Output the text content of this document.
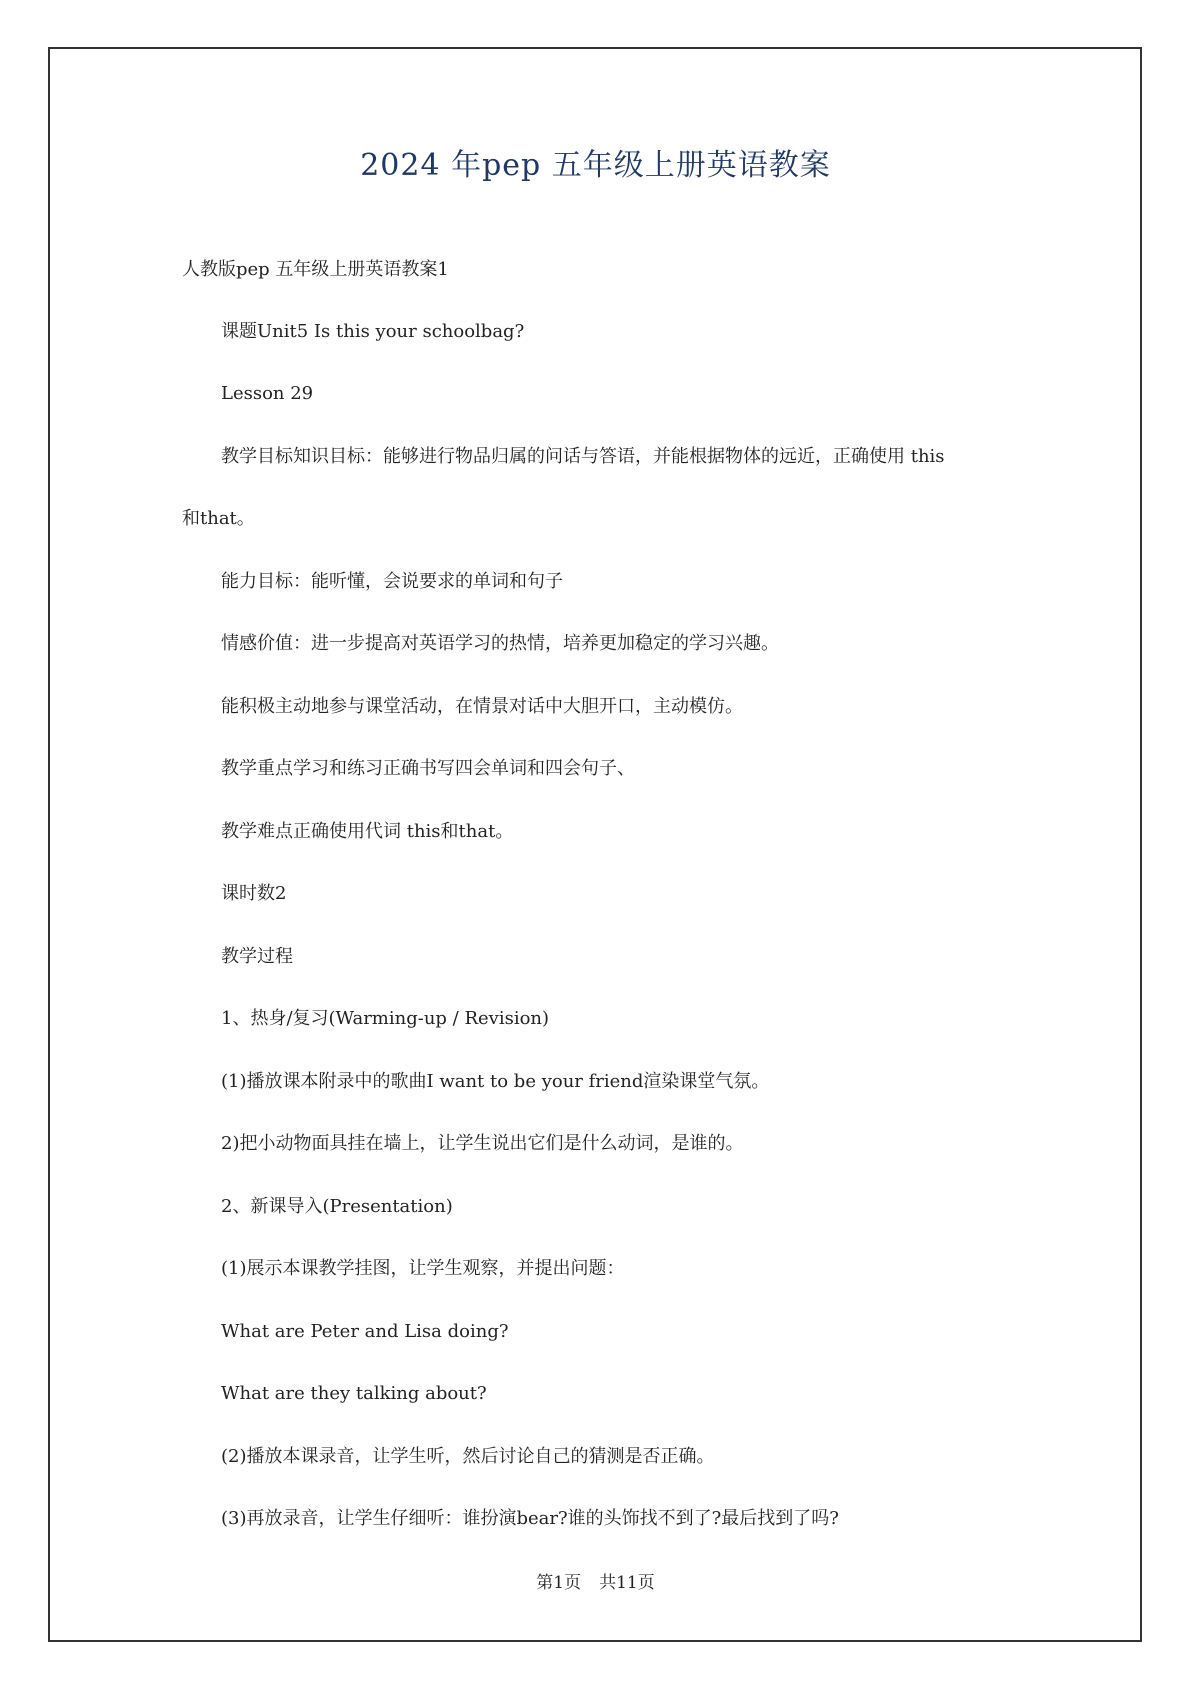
2024 年pep 五年级上册英语教案
人教版pep 五年级上册英语教案1
课题Unit5 Is this your schoolbag?
Lesson 29
教学目标知识目标：能够进行物品归属的问话与答语，并能根据物体的远近，正确使用 this
和that。
能力目标：能听懂，会说要求的单词和句子
情感价值：进一步提高对英语学习的热情，培养更加稳定的学习兴趣。
能积极主动地参与课堂活动，在情景对话中大胆开口，主动模仿。
教学重点学习和练习正确书写四会单词和四会句子、
教学难点正确使用代词 this和that。
课时数2
教学过程
1、热身/复习(Warming-up / Revision)
(1)播放课本附录中的歌曲I want to be your friend渲染课堂气氛。
2)把小动物面具挂在墙上，让学生说出它们是什么动词，是谁的。
2、新课导入(Presentation)
(1)展示本课教学挂图，让学生观察，并提出问题：
What are Peter and Lisa doing?
What are they talking about?
(2)播放本课录音，让学生听，然后讨论自己的猜测是否正确。
(3)再放录音，让学生仔细听：谁扮演bear?谁的头饰找不到了?最后找到了吗?
第1页 共11页
